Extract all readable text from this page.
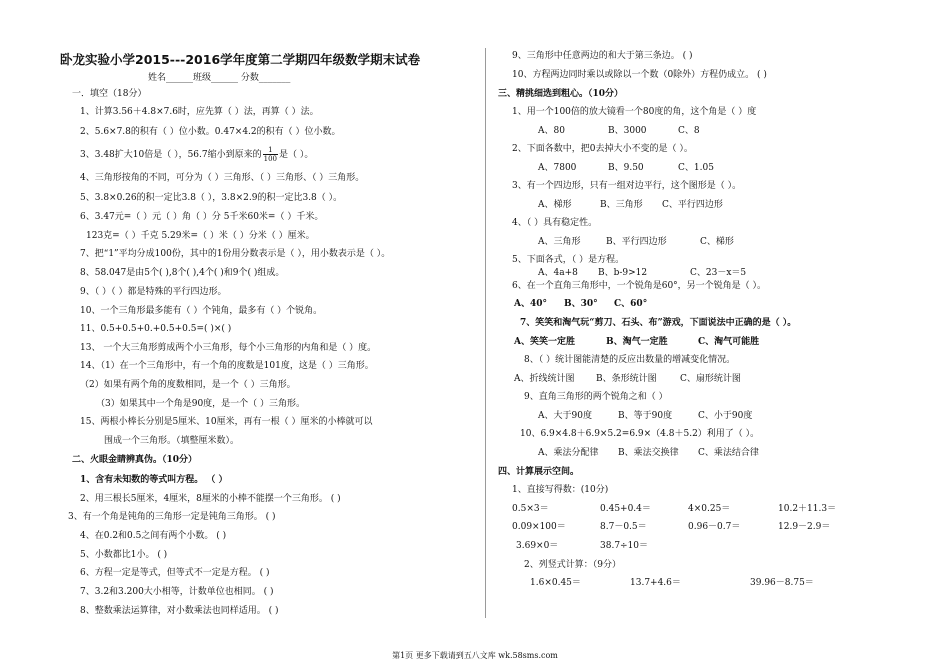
卧龙实验小学2015---2016学年度第二学期四年级数学期末试卷
姓名______班级______ 分数_______
一．填空（18分）
1、计算3.56＋4.8×7.6时，应先算（ ）法，再算（ ）法。
2、5.6×7.8的积有（ ）位小数。0.47×4.2的积有（ ）位小数。
3、3.48扩大10倍是（ ），56.7缩小到原来的 $\frac{1}{100}$ 是（ ）。
4、三角形按角的不同，可分为（ ）三角形、（ ）三角形、（ ）三角形。
5、3.8×0.26的积一定比3.8（ ），3.8×2.9的积一定比3.8（ ）。
6、3.47元=（ ）元（ ）角（ ）分 5千米60米=（ ）千米。
123克=（ ）千克 5.29米=（ ）米（ ）分米（ ）厘米。
7、把“1”平均分成100份，其中的1份用分数表示是（ ），用小数表示是（ ）。
8、58.047是由5个( ),8个( ),4个( )和9个( )组成。
9、（ ）（ ）都是特殊的平行四边形。
10、一个三角形最多能有（ ）个钝角，最多有（ ）个锐角。
11、0.5+0.5+0.+0.5+0.5=( )×( )
13、 一个大三角形剪成两个小三角形，每个小三角形的内角和是（ ）度。
14、（1）在一个三角形中，有一个角的度数是101度，这是（ ）三角形。
（2）如果有两个角的度数相同，是一个（ ）三角形。
（3）如果其中一个角是90度，是一个（ ）三角形。
15、两根小棒长分别是5厘米、10厘米，再有一根（ ）厘米的小棒就可以
围成一个三角形。（填整厘米数）。
二、火眼金睛辨真伪。（10分）
1、含有未知数的等式叫方程。 （ ）
2、用三根长5厘米，4厘米，8厘米的小棒不能摆一个三角形。 ( )
3、有一个角是钝角的三角形一定是钝角三角形。 ( )
4、在0.2和0.5之间有两个小数。 ( )
5、小数都比1小。 ( )
6、方程一定是等式，但等式不一定是方程。 ( )
7、3.2和3.200大小相等，计数单位也相同。 ( )
8、整数乘法运算律，对小数乘法也同样适用。 ( )
9、三角形中任意两边的和大于第三条边。 ( )
10、方程两边同时乘以或除以一个数（0除外）方程仍成立。 ( )
三、精挑细选到粗心。（10分）
1、用一个100倍的放大镜看一个80度的角，这个角是（ ）度
A、80	B、3000	C、8
2、下面各数中，把0去掉大小不变的是（ ）。
A、7800	B、9.50	C、1.05
3、有一个四边形，只有一组对边平行，这个图形是（ ）。
A、梯形	B、三角形 C、平行四边形
4、（ ）具有稳定性。
A、三角形	B、平行四边形	C、梯形
5、下面各式，（ ）是方程。
A、4a+8 B、b-9>12	C、23－x＝5
6、在一个直角三角形中，一个锐角是60°，另一个锐角是（ ）。
A、40° B、30° C、60°
7、笑笑和淘气玩“剪刀、石头、布”游戏，下面说法中正确的是（ ）。
A、笑笑一定胜	B、淘气一定胜	C、淘气可能胜
8、（ ）统计图能清楚的反应出数量的增减变化情况。
A、折线统计图 B、条形统计图	C、扇形统计图
9、直角三角形的两个锐角之和（ ）
A、大于90度	B、等于90度	C、小于90度
10、6.9×4.8＋6.9×5.2=6.9×（4.8＋5.2）利用了（ ）。
A、乘法分配律 B、乘法交换律 C、乘法结合律
四、计算展示空间。
1、直接写得数：(10分)
0.5×3＝	0.45+0.4＝	4×0.25＝	10.2＋11.3＝
0.09×100＝	8.7－0.5＝	0.96－0.7＝	12.9－2.9＝
3.69×0＝	38.7÷10＝
2、列竖式计算：（9分）
1.6×0.45＝	13.7+4.6＝	39.96－8.75＝
第1页 更多下载请到五八文库 wk.58sms.com
